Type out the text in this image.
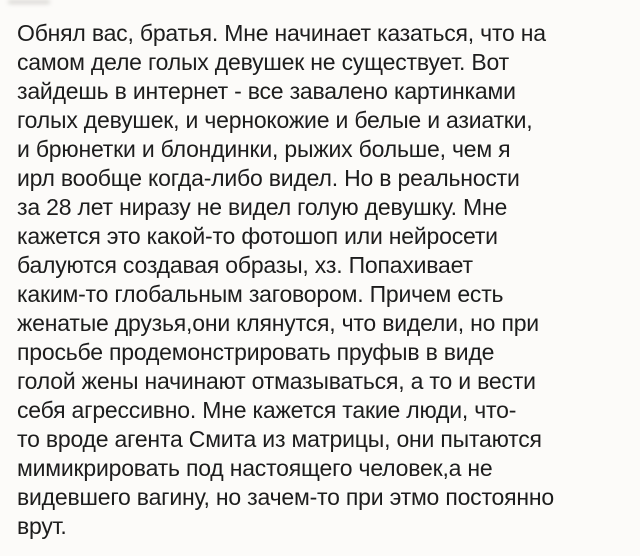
Обнял вас, братья. Мне начинает казаться, что на
самом деле голых девушек не существует. Вот
зайдешь в интернет - все завалено картинками
голых девушек, и чернокожие и белые и азиатки,
и брюнетки и блондинки, рыжих больше, чем я
ирл вообще когда-либо видел. Но в реальности
за 28 лет ниразу не видел голую девушку. Мне
кажется это какой-то фотошоп или нейросети
балуются создавая образы, хз. Попахивает
каким-то глобальным заговором. Причем есть
женатые друзья,они клянутся, что видели, но при
просьбе продемонстрировать пруфыв в виде
голой жены начинают отмазываться, а то и вести
себя агрессивно. Мне кажется такие люди, что-
то вроде агента Смита из матрицы, они пытаются
мимикрировать под настоящего человек,а не
видевшего вагину, но зачем-то при этмо постоянно
врут.
